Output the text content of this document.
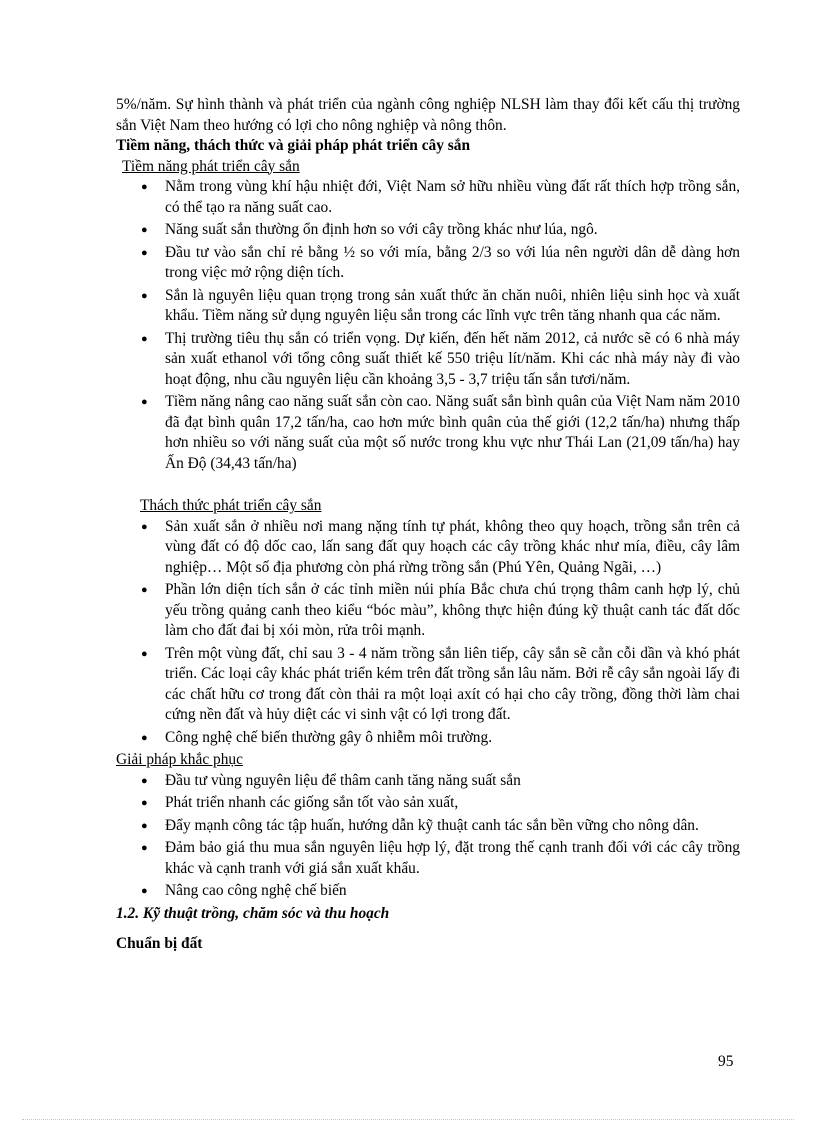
5%/năm. Sự hình thành và phát triển của ngành công nghiệp NLSH làm thay đổi kết cấu thị trường sắn Việt Nam theo hướng có lợi cho nông nghiệp và nông thôn.

Tiềm năng, thách thức và giải pháp phát triển cây sắn

Tiềm năng phát triển cây sắn

● Nằm trong vùng khí hậu nhiệt đới, Việt Nam sở hữu nhiều vùng đất rất thích hợp trồng sắn, có thể tạo ra năng suất cao.
● Năng suất sắn thường ổn định hơn so với cây trồng khác như lúa, ngô.
● Đầu tư vào sắn chỉ rẻ bằng ½ so với mía, bằng 2/3 so với lúa nên người dân dễ dàng hơn trong việc mở rộng diện tích.
● Sắn là nguyên liệu quan trọng trong sản xuất thức ăn chăn nuôi, nhiên liệu sinh học và xuất khẩu. Tiềm năng sử dụng nguyên liệu sắn trong các lĩnh vực trên tăng nhanh qua các năm.
● Thị trường tiêu thụ sắn có triển vọng. Dự kiến, đến hết năm 2012, cả nước sẽ có 6 nhà máy sản xuất ethanol với tổng công suất thiết kế 550 triệu lít/năm. Khi các nhà máy này đi vào hoạt động, nhu cầu nguyên liệu cần khoảng 3,5 - 3,7 triệu tấn sắn tươi/năm.
● Tiềm năng nâng cao năng suất sắn còn cao. Năng suất sắn bình quân của Việt Nam năm 2010 đã đạt bình quân 17,2 tấn/ha, cao hơn mức bình quân của thế giới (12,2 tấn/ha) nhưng thấp hơn nhiều so với năng suất của một số nước trong khu vực như Thái Lan (21,09 tấn/ha) hay Ấn Độ (34,43 tấn/ha)

Thách thức phát triển cây sắn

● Sản xuất sắn ở nhiều nơi mang nặng tính tự phát, không theo quy hoạch, trồng sắn trên cả vùng đất có độ dốc cao, lấn sang đất quy hoạch các cây trồng khác như mía, điều, cây lâm nghiệp… Một số địa phương còn phá rừng trồng sắn (Phú Yên, Quảng Ngãi, …)
● Phần lớn diện tích sắn ở các tỉnh miền núi phía Bắc chưa chú trọng thâm canh hợp lý, chủ yếu trồng quảng canh theo kiểu “bóc màu”, không thực hiện đúng kỹ thuật canh tác đất dốc làm cho đất đai bị xói mòn, rửa trôi mạnh.
● Trên một vùng đất, chỉ sau 3 - 4 năm trồng sắn liên tiếp, cây sắn sẽ cằn cỗi dần và khó phát triển. Các loại cây khác phát triển kém trên đất trồng sắn lâu năm. Bởi rễ cây sắn ngoài lấy đi các chất hữu cơ trong đất còn thải ra một loại axít có hại cho cây trồng, đồng thời làm chai cứng nền đất và hủy diệt các vi sinh vật có lợi trong đất.
● Công nghệ chế biến thường gây ô nhiễm môi trường.

Giải pháp khắc phục

● Đầu tư vùng nguyên liệu để thâm canh tăng năng suất sắn
● Phát triển nhanh các giống sắn tốt vào sản xuất,
● Đẩy mạnh công tác tập huấn, hướng dẫn kỹ thuật canh tác sắn bền vững cho nông dân.
● Đảm bảo giá thu mua sắn nguyên liệu hợp lý, đặt trong thế cạnh tranh đối với các cây trồng khác và cạnh tranh với giá sắn xuất khẩu.
● Nâng cao công nghệ chế biến

1.2. Kỹ thuật trồng, chăm sóc và thu hoạch

Chuẩn bị đất

95
